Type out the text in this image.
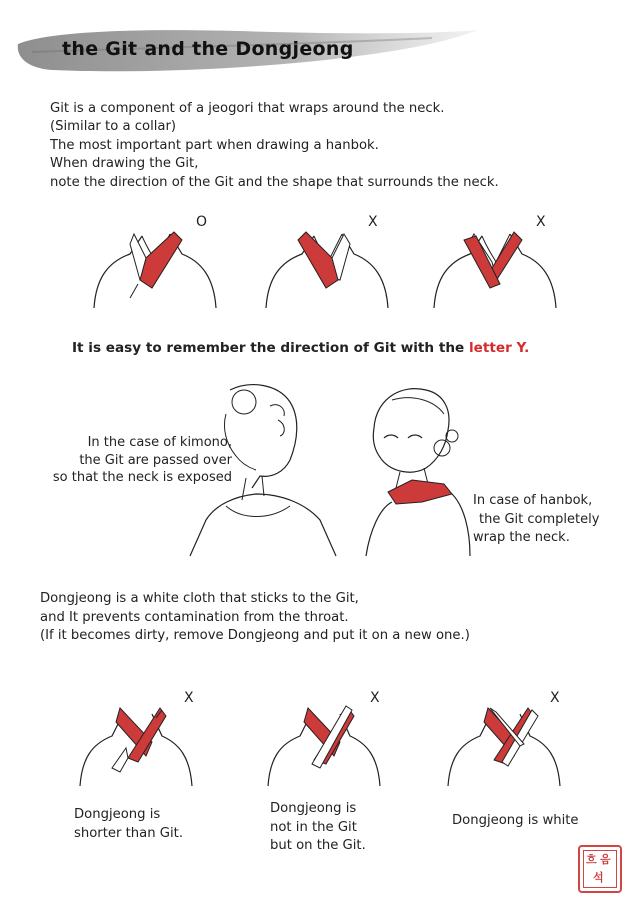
the Git and the Dongjeong
Git is a component of a jeogori that wraps around the neck.
(Similar to a collar)
The most important part when drawing a hanbok.
When drawing the Git,
note the direction of the Git and the shape that surrounds the neck.
O	X	X
It is easy to remember the direction of Git with the letter Y.
In the case of kimono,
the Git are passed over
so that the neck is exposed
In case of hanbok,
the Git completely
wrap the neck.
Dongjeong is a white cloth that sticks to the Git,
and It prevents contamination from the throat.
(If it becomes dirty, remove Dongjeong and put it on a new one.)
X	X	X
Dongjeong is
shorter than Git.
Dongjeong is
not in the Git
but on the Git.
Dongjeong is white
흐 음
석
